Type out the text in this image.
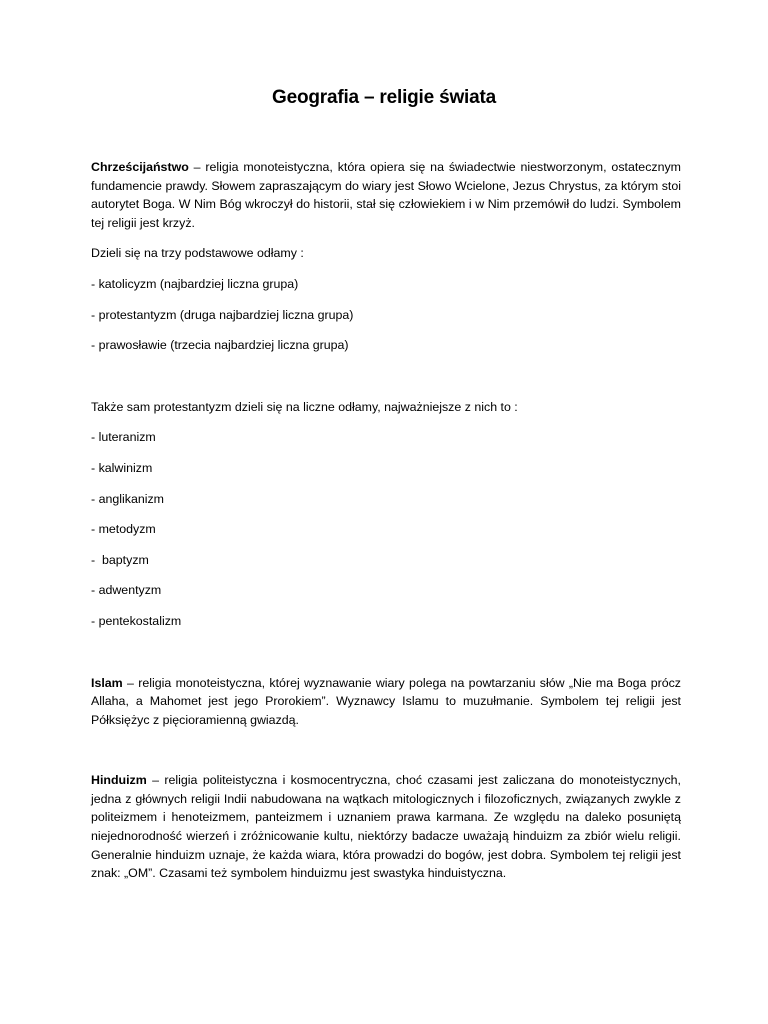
Geografia – religie świata

Chrześcijaństwo – religia monoteistyczna, która opiera się na świadectwie niestworzonym, ostatecznym fundamencie prawdy. Słowem zapraszającym do wiary jest Słowo Wcielone, Jezus Chrystus, za którym stoi autorytet Boga. W Nim Bóg wkroczył do historii, stał się człowiekiem i w Nim przemówił do ludzi. Symbolem tej religii jest krzyż.

Dzieli się na trzy podstawowe odłamy :

- katolicyzm (najbardziej liczna grupa)

- protestantyzm (druga najbardziej liczna grupa)

- prawosławie (trzecia najbardziej liczna grupa)

Także sam protestantyzm dzieli się na liczne odłamy, najważniejsze z nich to :

- luteranizm

- kalwinizm

- anglikanizm

- metodyzm

-  baptyzm

- adwentyzm

- pentekostalizm

Islam – religia monoteistyczna, której wyznawanie wiary polega na powtarzaniu słów „Nie ma Boga prócz Allaha, a Mahomet jest jego Prorokiem”. Wyznawcy Islamu to muzułmanie. Symbolem tej religii jest Półksiężyc z pięcioramienną gwiazdą.

Hinduizm – religia politeistyczna i kosmocentryczna, choć czasami jest zaliczana do monoteistycznych, jedna z głównych religii Indii nabudowana na wątkach mitologicznych i filozoficznych, związanych zwykle z politeizmem i henoteizmem, panteizmem i uznaniem prawa karmana. Ze względu na daleko posuniętą niejednorodność wierzeń i zróżnicowanie kultu, niektórzy badacze uważają hinduizm za zbiór wielu religii. Generalnie hinduizm uznaje, że każda wiara, która prowadzi do bogów, jest dobra. Symbolem tej religii jest znak: „OM”. Czasami też symbolem hinduizmu jest swastyka hinduistyczna.
